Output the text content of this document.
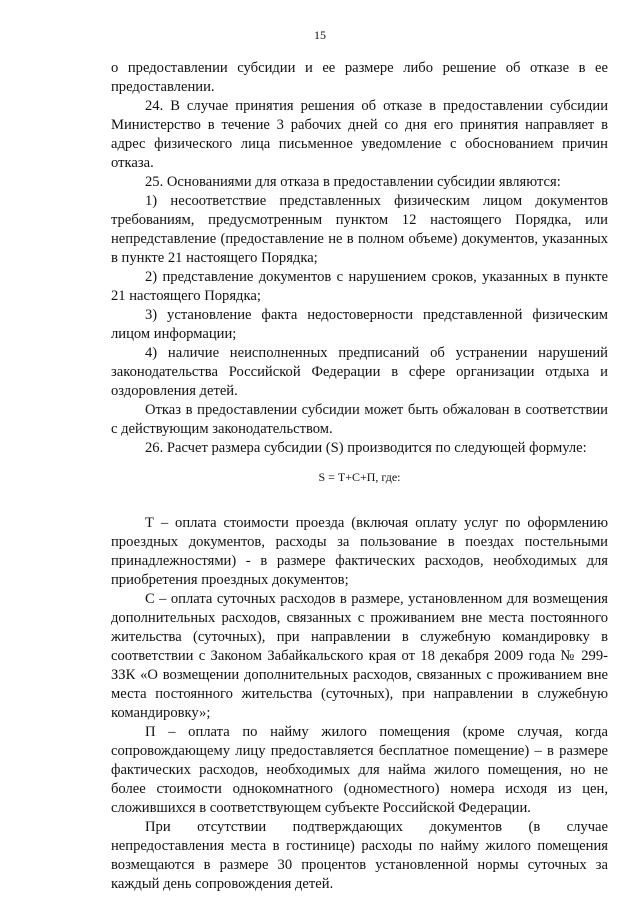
15

о предоставлении субсидии и ее размере либо решение об отказе в ее предоставлении.

24. В случае принятия решения об отказе в предоставлении субсидии Министерство в течение 3 рабочих дней со дня его принятия направляет в адрес физического лица письменное уведомление с обоснованием причин отказа.

25. Основаниями для отказа в предоставлении субсидии являются:

1) несоответствие представленных физическим лицом документов требованиям, предусмотренным пунктом 12 настоящего Порядка, или непредставление (предоставление не в полном объеме) документов, указанных в пункте 21 настоящего Порядка;

2) представление документов с нарушением сроков, указанных в пункте 21 настоящего Порядка;

3) установление факта недостоверности представленной физическим лицом информации;

4) наличие неисполненных предписаний об устранении нарушений законодательства Российской Федерации в сфере организации отдыха и оздоровления детей.

Отказ в предоставлении субсидии может быть обжалован в соответствии с действующим законодательством.

26. Расчет размера субсидии (S) производится по следующей формуле:

S = Т+С+П, где:

Т – оплата стоимости проезда (включая оплату услуг по оформлению проездных документов, расходы за пользование в поездах постельными принадлежностями) - в размере фактических расходов, необходимых для приобретения проездных документов;

С – оплата суточных расходов в размере, установленном для возмещения дополнительных расходов, связанных с проживанием вне места постоянного жительства (суточных), при направлении в служебную командировку в соответствии с Законом Забайкальского края от 18 декабря 2009 года № 299-ЗЗК «О возмещении дополнительных расходов, связанных с проживанием вне места постоянного жительства (суточных), при направлении в служебную командировку»;

П – оплата по найму жилого помещения (кроме случая, когда сопровождающему лицу предоставляется бесплатное помещение) – в размере фактических расходов, необходимых для найма жилого помещения, но не более стоимости однокомнатного (одноместного) номера исходя из цен, сложившихся в соответствующем субъекте Российской Федерации.

При отсутствии подтверждающих документов (в случае непредоставления места в гостинице) расходы по найму жилого помещения возмещаются в размере 30 процентов установленной нормы суточных за каждый день сопровождения детей.
